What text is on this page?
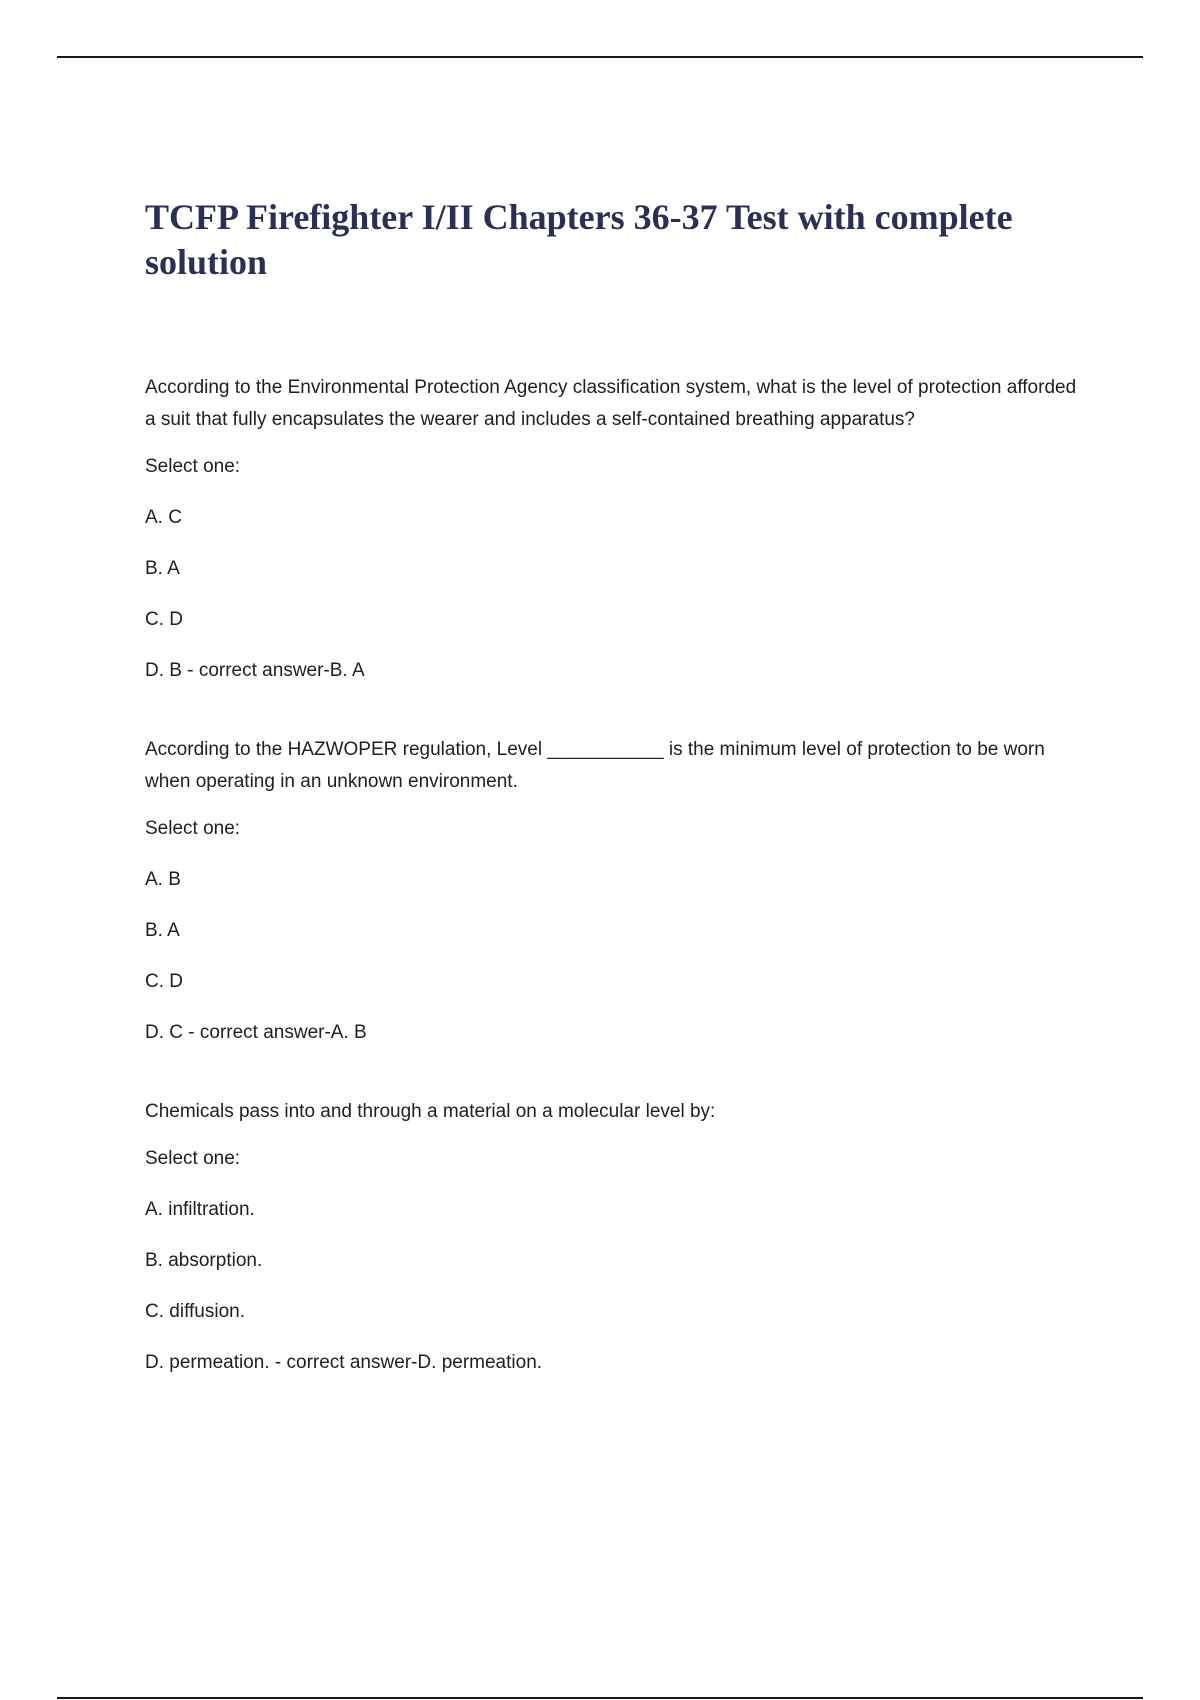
TCFP Firefighter I/II Chapters 36-37 Test with complete solution

According to the Environmental Protection Agency classification system, what is the level of protection afforded a suit that fully encapsulates the wearer and includes a self-contained breathing apparatus?

Select one:

A. C
B. A
C. D
D. B - correct answer-B. A

According to the HAZWOPER regulation, Level ___________ is the minimum level of protection to be worn when operating in an unknown environment.

Select one:

A. B
B. A
C. D
D. C - correct answer-A. B

Chemicals pass into and through a material on a molecular level by:

Select one:

A. infiltration.
B. absorption.
C. diffusion.
D. permeation. - correct answer-D. permeation.
